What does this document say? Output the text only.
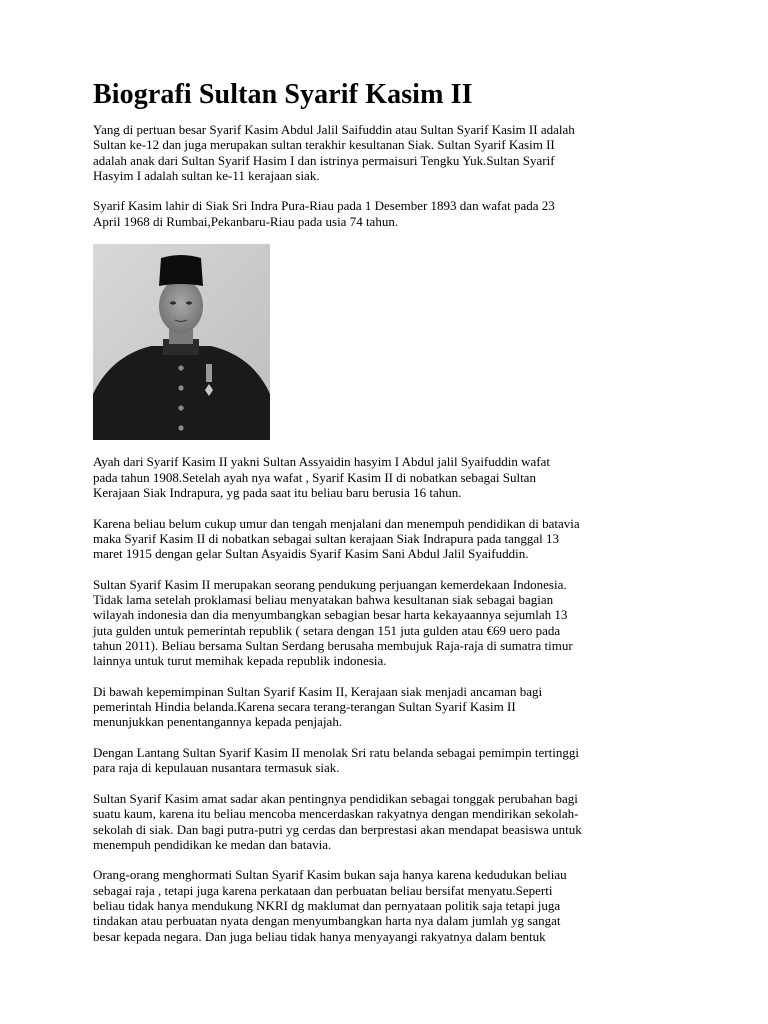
Biografi Sultan Syarif Kasim II

Yang di pertuan besar Syarif Kasim Abdul Jalil Saifuddin atau Sultan Syarif Kasim II adalah
Sultan ke-12 dan juga merupakan sultan terakhir kesultanan Siak. Sultan Syarif Kasim II
adalah anak dari Sultan Syarif Hasim I dan istrinya permaisuri Tengku Yuk.Sultan Syarif
Hasyim I adalah sultan ke-11 kerajaan siak.

Syarif Kasim lahir di Siak Sri Indra Pura-Riau pada 1 Desember 1893 dan wafat pada 23
April 1968 di Rumbai,Pekanbaru-Riau pada usia 74 tahun.

Ayah dari Syarif Kasim II yakni Sultan Assyaidin hasyim I Abdul jalil Syaifuddin wafat
pada tahun 1908.Setelah ayah nya wafat , Syarif Kasim II di nobatkan sebagai Sultan
Kerajaan Siak Indrapura, yg pada saat itu beliau baru berusia 16 tahun.

Karena beliau belum cukup umur dan tengah menjalani dan menempuh pendidikan di batavia
maka Syarif Kasim II di nobatkan sebagai sultan kerajaan Siak Indrapura pada tanggal 13
maret 1915 dengan gelar Sultan Asyaidis Syarif Kasim Sani Abdul Jalil Syaifuddin.

Sultan Syarif Kasim II merupakan seorang pendukung perjuangan kemerdekaan Indonesia.
Tidak lama setelah proklamasi beliau menyatakan bahwa kesultanan siak sebagai bagian
wilayah indonesia dan dia menyumbangkan sebagian besar harta kekayaannya sejumlah 13
juta gulden untuk pemerintah republik ( setara dengan 151 juta gulden atau €69 uero pada
tahun 2011). Beliau bersama Sultan Serdang berusaha membujuk Raja-raja di sumatra timur
lainnya untuk turut memihak kepada republik indonesia.

Di bawah kepemimpinan Sultan Syarif Kasim II, Kerajaan siak menjadi ancaman bagi
pemerintah Hindia belanda.Karena secara terang-terangan Sultan Syarif Kasim II
menunjukkan penentangannya kepada penjajah.

Dengan Lantang Sultan Syarif Kasim II menolak Sri ratu belanda sebagai pemimpin tertinggi
para raja di kepulauan nusantara termasuk siak.

Sultan Syarif Kasim amat sadar akan pentingnya pendidikan sebagai tonggak perubahan bagi
suatu kaum, karena itu beliau mencoba mencerdaskan rakyatnya dengan mendirikan sekolah-
sekolah di siak. Dan bagi putra-putri yg cerdas dan berprestasi akan mendapat beasiswa untuk
menempuh pendidikan ke medan dan batavia.

Orang-orang menghormati Sultan Syarif Kasim bukan saja hanya karena kedudukan beliau
sebagai raja , tetapi juga karena perkataan dan perbuatan beliau bersifat menyatu.Seperti
beliau tidak hanya mendukung NKRI dg maklumat dan pernyataan politik saja tetapi juga
tindakan atau perbuatan nyata dengan menyumbangkan harta nya dalam jumlah yg sangat
besar kepada negara. Dan juga beliau tidak hanya menyayangi rakyatnya dalam bentuk
